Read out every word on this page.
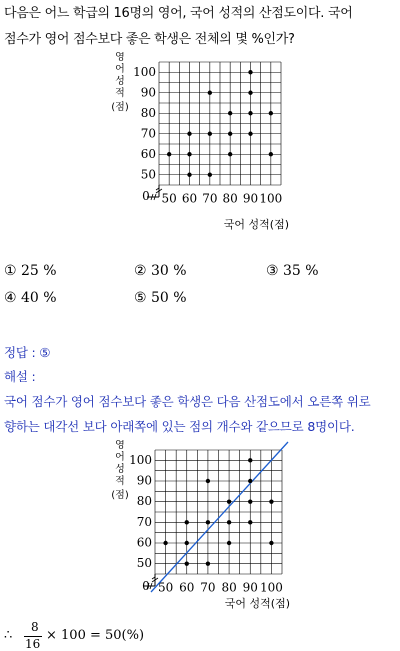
다음은 어느 학급의 16명의 영어, 국어 성적의 산점도이다. 국어
점수가 영어 점수보다 좋은 학생은 전체의 몇 %인가?
50 60 70 80 90 100
50
60
70
80
90
100
0
국어 성적(점)
영
어
성
적
(점)
① 25 %	② 30 %	③ 35 %
④ 40 %	⑤ 50 %
정답 : ⑤
해설 :
국어 점수가 영어 점수보다 좋은 학생은 다음 산점도에서 오른쪽 위로
향하는 대각선 보다 아래쪽에 있는 점의 개수와 같으므로 8명이다.
50 60 70 80 90 100
50
60
70
80
90
100
0
국어 성적(점)
영
어
성
적
(점)
∴
8
16
× 100 = 50(%)
